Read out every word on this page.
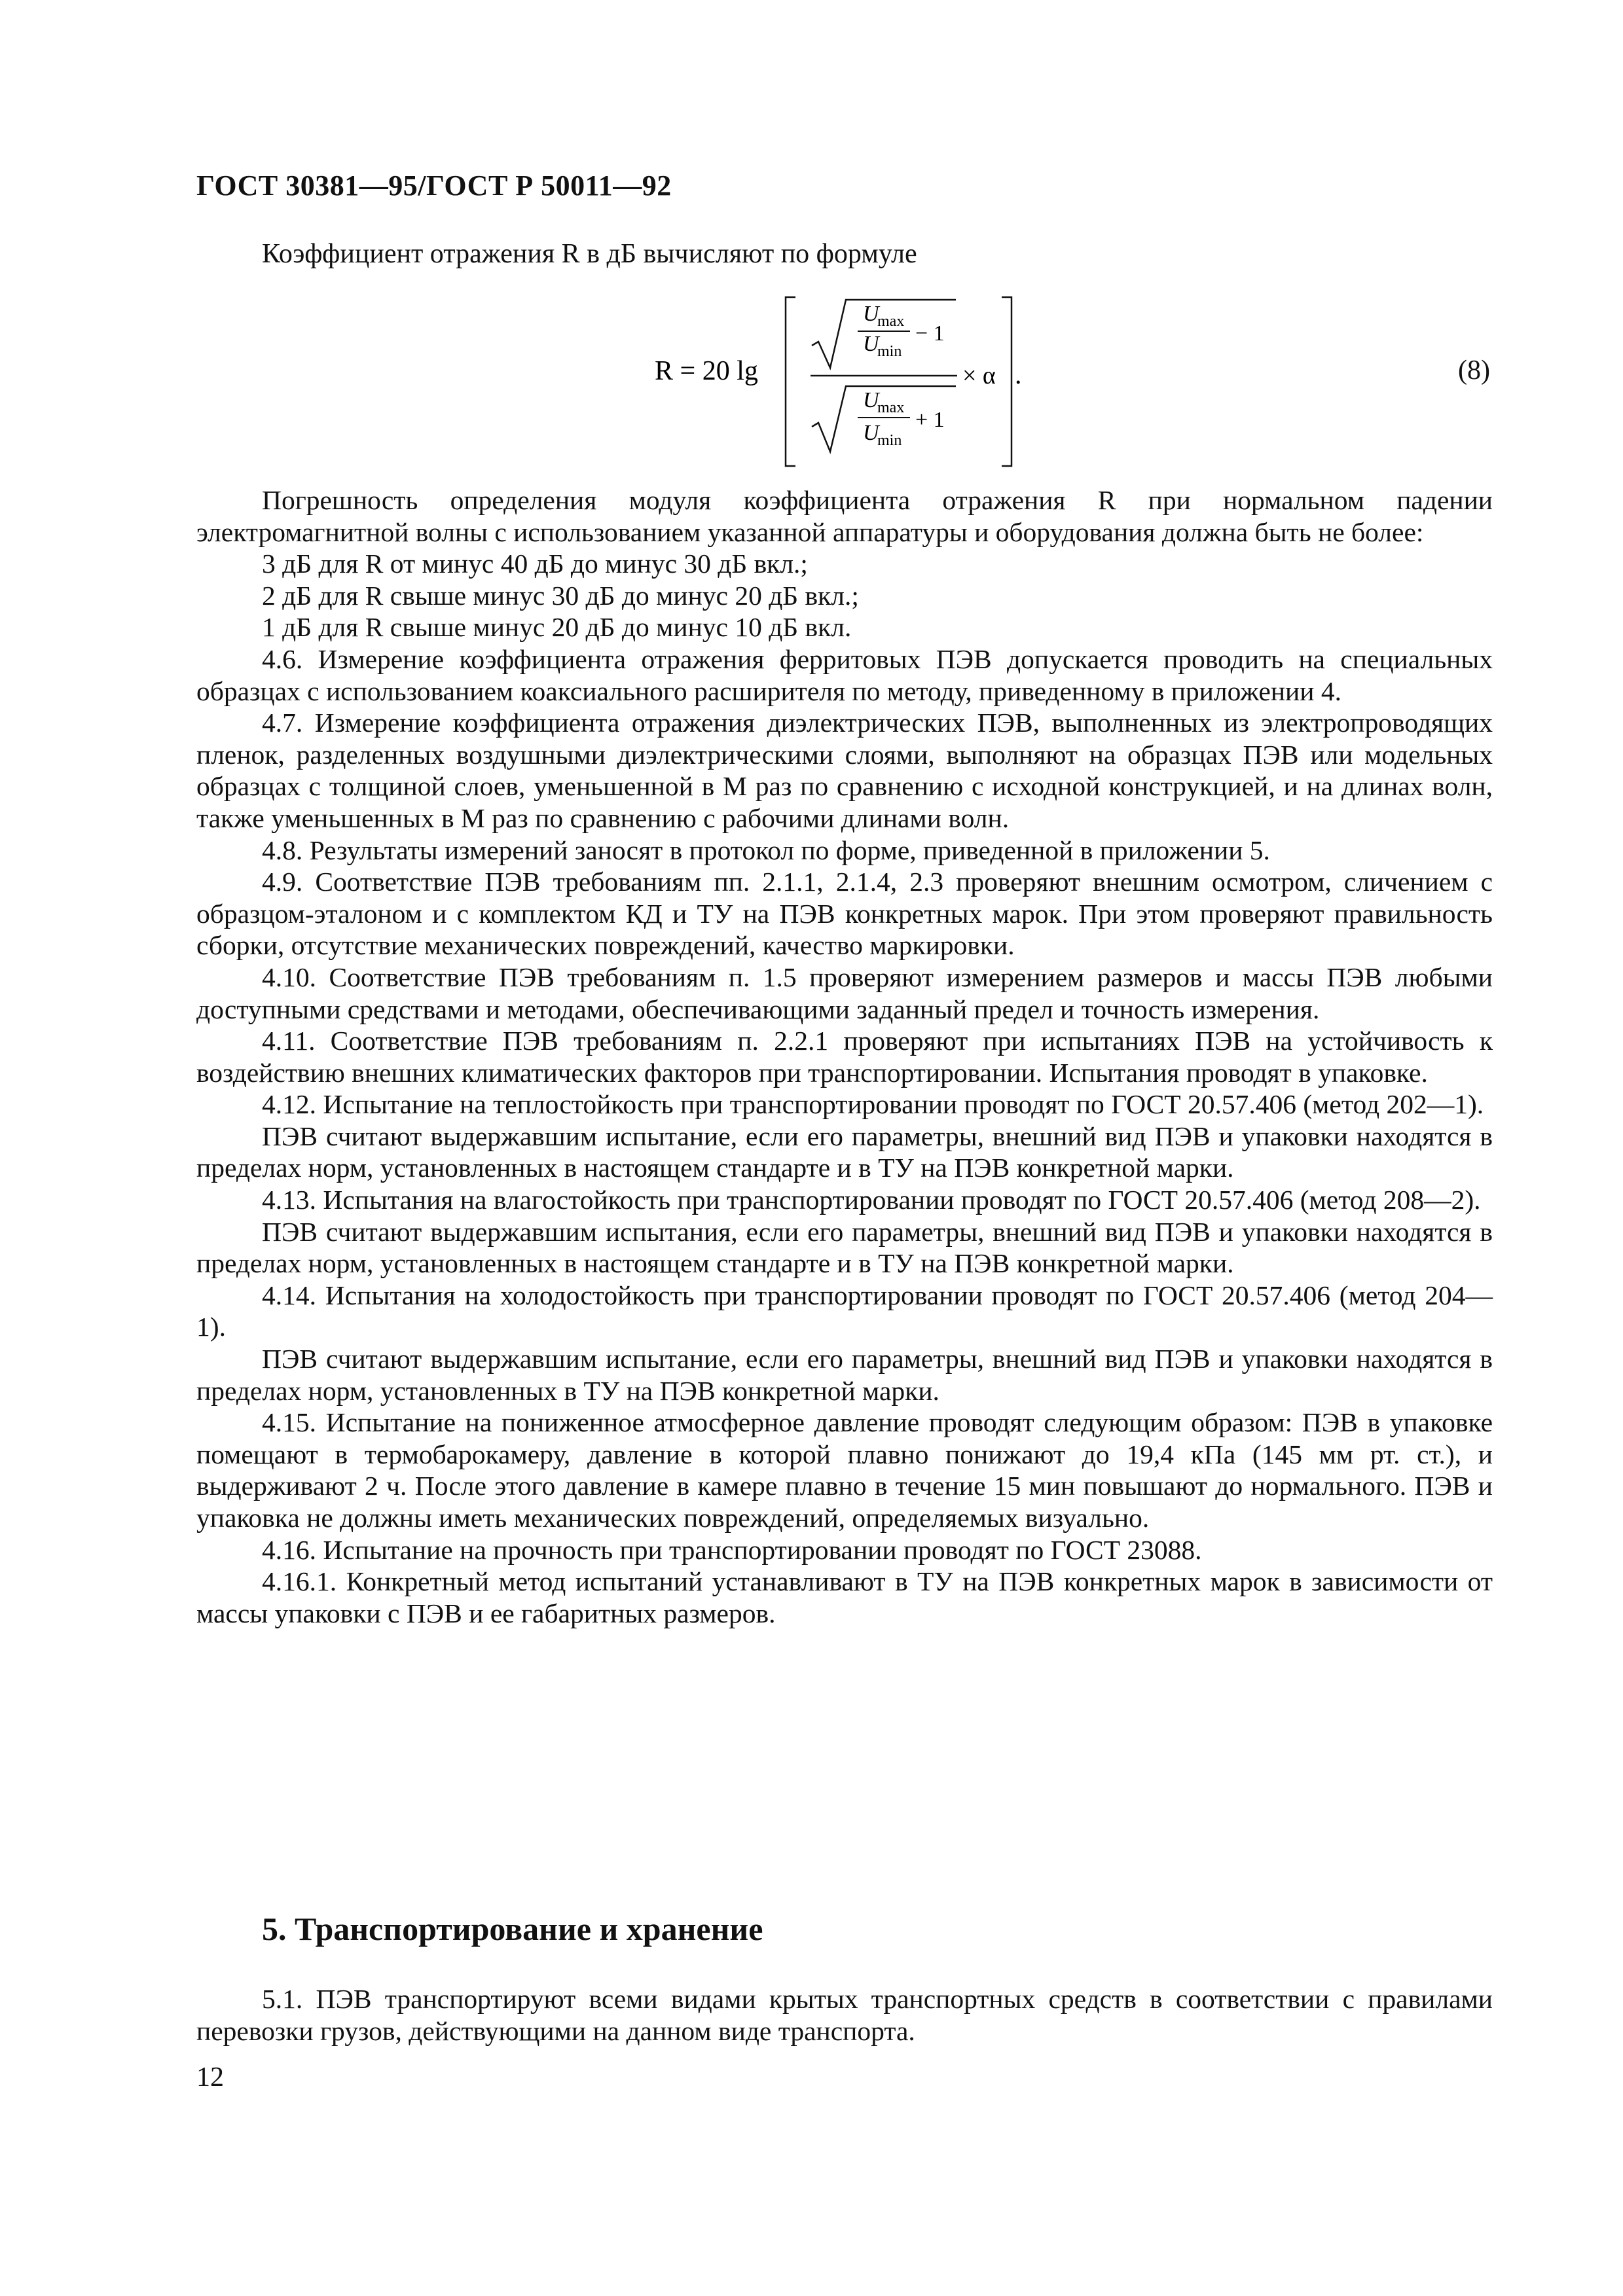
ГОСТ 30381—95/ГОСТ Р 50011—92
Коэффициент отражения R в дБ вычисляют по формуле
R = 20 lg
U
max
U
min
− 1
× α
U
max
U
min
+ 1
.	(8)

Погрешность определения модуля коэффициента отражения R при нормальном падении электромагнитной волны с использованием указанной аппаратуры и оборудования должна быть не более:

3 дБ для R от минус 40 дБ до минус 30 дБ вкл.;

2 дБ для R свыше минус 30 дБ до минус 20 дБ вкл.;

1 дБ для R свыше минус 20 дБ до минус 10 дБ вкл.

4.6. Измерение коэффициента отражения ферритовых ПЭВ допускается проводить на специальных образцах с использованием коаксиального расширителя по методу, приведенному в приложении 4.

4.7. Измерение коэффициента отражения диэлектрических ПЭВ, выполненных из электропроводящих пленок, разделенных воздушными диэлектрическими слоями, выполняют на образцах ПЭВ или модельных образцах с толщиной слоев, уменьшенной в M раз по сравнению с исходной конструкцией, и на длинах волн, также уменьшенных в M раз по сравнению с рабочими длинами волн.

4.8. Результаты измерений заносят в протокол по форме, приведенной в приложении 5.

4.9. Соответствие ПЭВ требованиям пп. 2.1.1, 2.1.4, 2.3 проверяют внешним осмотром, сличением с образцом-эталоном и с комплектом КД и ТУ на ПЭВ конкретных марок. При этом проверяют правильность сборки, отсутствие механических повреждений, качество маркировки.

4.10. Соответствие ПЭВ требованиям п. 1.5 проверяют измерением размеров и массы ПЭВ любыми доступными средствами и методами, обеспечивающими заданный предел и точность измерения.

4.11. Соответствие ПЭВ требованиям п. 2.2.1 проверяют при испытаниях ПЭВ на устойчивость к воздействию внешних климатических факторов при транспортировании. Испытания проводят в упаковке.

4.12. Испытание на теплостойкость при транспортировании проводят по ГОСТ 20.57.406 (метод 202—1).

ПЭВ считают выдержавшим испытание, если его параметры, внешний вид ПЭВ и упаковки находятся в пределах норм, установленных в настоящем стандарте и в ТУ на ПЭВ конкретной марки.

4.13. Испытания на влагостойкость при транспортировании проводят по ГОСТ 20.57.406 (метод 208—2).

ПЭВ считают выдержавшим испытания, если его параметры, внешний вид ПЭВ и упаковки находятся в пределах норм, установленных в настоящем стандарте и в ТУ на ПЭВ конкретной марки.

4.14. Испытания на холодостойкость при транспортировании проводят по ГОСТ 20.57.406 (метод 204—1).

ПЭВ считают выдержавшим испытание, если его параметры, внешний вид ПЭВ и упаковки находятся в пределах норм, установленных в ТУ на ПЭВ конкретной марки.

4.15. Испытание на пониженное атмосферное давление проводят следующим образом: ПЭВ в упаковке помещают в термобарокамеру, давление в которой плавно понижают до 19,4 кПа (145 мм рт. ст.), и выдерживают 2 ч. После этого давление в камере плавно в течение 15 мин повышают до нормального. ПЭВ и упаковка не должны иметь механических повреждений, определяемых визуально.

4.16. Испытание на прочность при транспортировании проводят по ГОСТ 23088.

4.16.1. Конкретный метод испытаний устанавливают в ТУ на ПЭВ конкретных марок в зависимости от массы упаковки с ПЭВ и ее габаритных размеров.

5. Транспортирование и хранение

5.1. ПЭВ транспортируют всеми видами крытых транспортных средств в соответствии с правилами перевозки грузов, действующими на данном виде транспорта.

12
